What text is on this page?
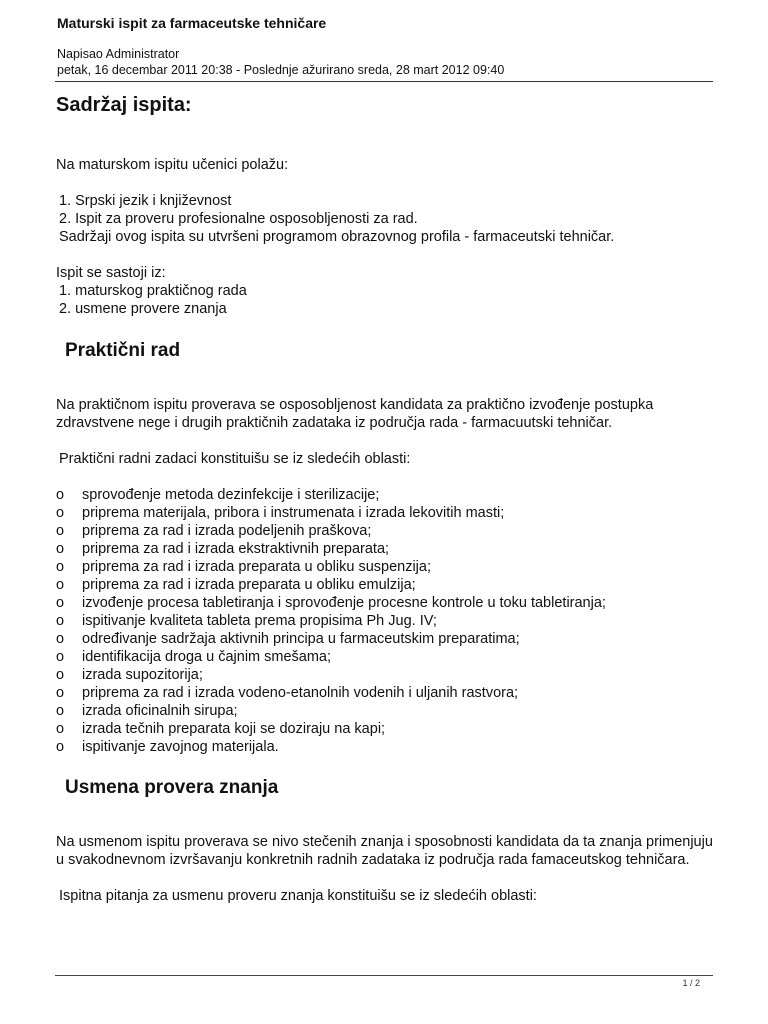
Maturski ispit za farmaceutske tehničare
Napisao Administrator
petak, 16 decembar 2011 20:38 - Poslednje ažurirano sreda, 28 mart 2012 09:40
Sadržaj ispita:

Na maturskom ispitu učenici polažu:

1. Srpski jezik i književnost
2. Ispit za proveru profesionalne osposobljenosti za rad.
Sadržaji ovog ispita su utvršeni programom obrazovnog profila - farmaceutski tehničar.

Ispit se sastoji iz:

1. maturskog praktičnog rada
2. usmene provere znanja
Praktični rad

Na praktičnom ispitu proverava se osposobljenost kandidata za praktično izvođenje postupka zdravstvene nege i drugih praktičnih zadataka iz područja rada - farmacuutski tehničar.

Praktični radni zadaci konstituišu se iz sledećih oblasti:

o sprovođenje metoda dezinfekcije i sterilizacije;
o pripremа materijala, pribora i instrumenata i izrada lekovitih masti;
o priprema za rad i izrada podeljenih praškova;
o priprema za rad i izrada ekstraktivnih preparata;
o priprema za rad i izrada preparata u obliku suspenzija;
o priprema za rad i izrada preparata u obliku emulzija;
o izvođenje procesa tabletiranja i sprovođenje procesne kontrole u toku tabletiranja;
o ispitivanje kvaliteta tableta prema propisima Ph Jug. IV;
o određivanje sadržaja aktivnih principa u farmaceutskim preparatima;
o identifikacija droga u čajnim smešama;
o izrada supozitorija;
o priprema za rad i izrada vodeno-etanolnih vodenih i uljanih rastvora;
o izrada oficinalnih sirupa;
o izrada tečnih preparata koji se doziraju na kapi;
o ispitivanje zavojnog materijala.
Usmena provera znanja

Na usmenom ispitu proverava se nivo stečenih znanja i sposobnosti kandidata da ta znanja primenjuju u svakodnevnom izvršavanju konkretnih radnih zadataka iz područja rada famaceutskog tehničara.

Ispitna pitanja za usmenu proveru znanja konstituišu se iz sledećih oblasti:

1 / 2
